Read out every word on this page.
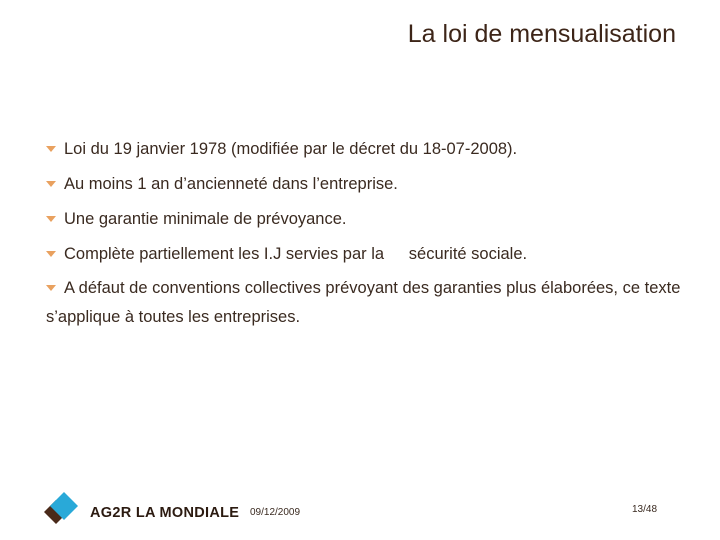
La loi de mensualisation
Loi du 19 janvier 1978 (modifiée par le décret du 18-07-2008).
Au moins 1 an d’ancienneté dans l’entreprise.
Une garantie minimale de prévoyance.
Complète partiellement les I.J servies par la  sécurité sociale.
A défaut de conventions collectives prévoyant des garanties plus élaborées, ce texte s’applique à toutes les entreprises.
AG2R LA MONDIALE 09/12/2009	13/48
